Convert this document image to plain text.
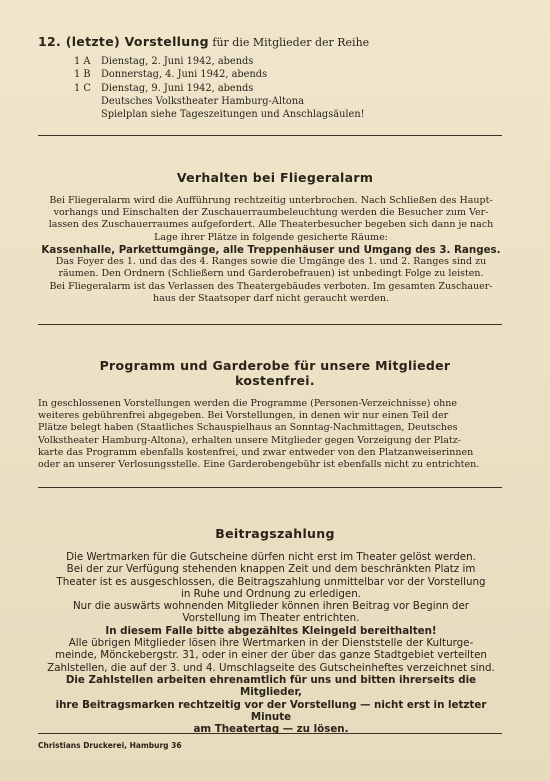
12. (letzte) Vorstellung für die Mitglieder der Reihe
1 A	Dienstag, 2. Juni 1942, abends
1 B	Donnerstag, 4. Juni 1942, abends
1 C	Dienstag, 9. Juni 1942, abends
Deutsches Volkstheater Hamburg-Altona
Spielplan siehe Tageszeitungen und Anschlagsäulen!
Verhalten bei Fliegeralarm

Bei Fliegeralarm wird die Aufführung rechtzeitig unterbrochen. Nach Schließen des Haupt-

vorhangs und Einschalten der Zuschauerraumbeleuchtung werden die Besucher zum Ver-

lassen des Zuschauerraumes aufgefordert. Alle Theaterbesucher begeben sich dann je nach

Lage ihrer Plätze in folgende gesicherte Räume:

Kassenhalle, Parkettumgänge, alle Treppenhäuser und Umgang des 3. Ranges.

Das Foyer des 1. und das des 4. Ranges sowie die Umgänge des 1. und 2. Ranges sind zu

räumen. Den Ordnern (Schließern und Garderobefrauen) ist unbedingt Folge zu leisten.

Bei Fliegeralarm ist das Verlassen des Theatergebäudes verboten. Im gesamten Zuschauer-

haus der Staatsoper darf nicht geraucht werden.

Programm und Garderobe für unsere Mitglieder
kostenfrei.

In geschlossenen Vorstellungen werden die Programme (Personen-Verzeichnisse) ohne

weiteres gebührenfrei abgegeben. Bei Vorstellungen, in denen wir nur einen Teil der

Plätze belegt haben (Staatliches Schauspielhaus an Sonntag-Nachmittagen, Deutsches

Volkstheater Hamburg-Altona), erhalten unsere Mitglieder gegen Vorzeigung der Platz-

karte das Programm ebenfalls kostenfrei, und zwar entweder von den Platzanweiserinnen

oder an unserer Verlosungsstelle. Eine Garderobengebühr ist ebenfalls nicht zu entrichten.

Beitragszahlung

Die Wertmarken für die Gutscheine dürfen nicht erst im Theater gelöst werden.

Bei der zur Verfügung stehenden knappen Zeit und dem beschränkten Platz im

Theater ist es ausgeschlossen, die Beitragszahlung unmittelbar vor der Vorstellung

in Ruhe und Ordnung zu erledigen.

Nur die auswärts wohnenden Mitglieder können ihren Beitrag vor Beginn der

Vorstellung im Theater entrichten.

In diesem Falle bitte abgezähltes Kleingeld bereithalten!

Alle übrigen Mitglieder lösen ihre Wertmarken in der Dienststelle der Kulturge-

meinde, Mönckebergstr. 31, oder in einer der über das ganze Stadtgebiet verteilten

Zahlstellen, die auf der 3. und 4. Umschlagseite des Gutscheinheftes verzeichnet sind.

Die Zahlstellen arbeiten ehrenamtlich für uns und bitten ihrerseits die Mitglieder,

ihre Beitragsmarken rechtzeitig vor der Vorstellung — nicht erst in letzter Minute

am Theatertag — zu lösen.

Christians Druckerei, Hamburg 36
